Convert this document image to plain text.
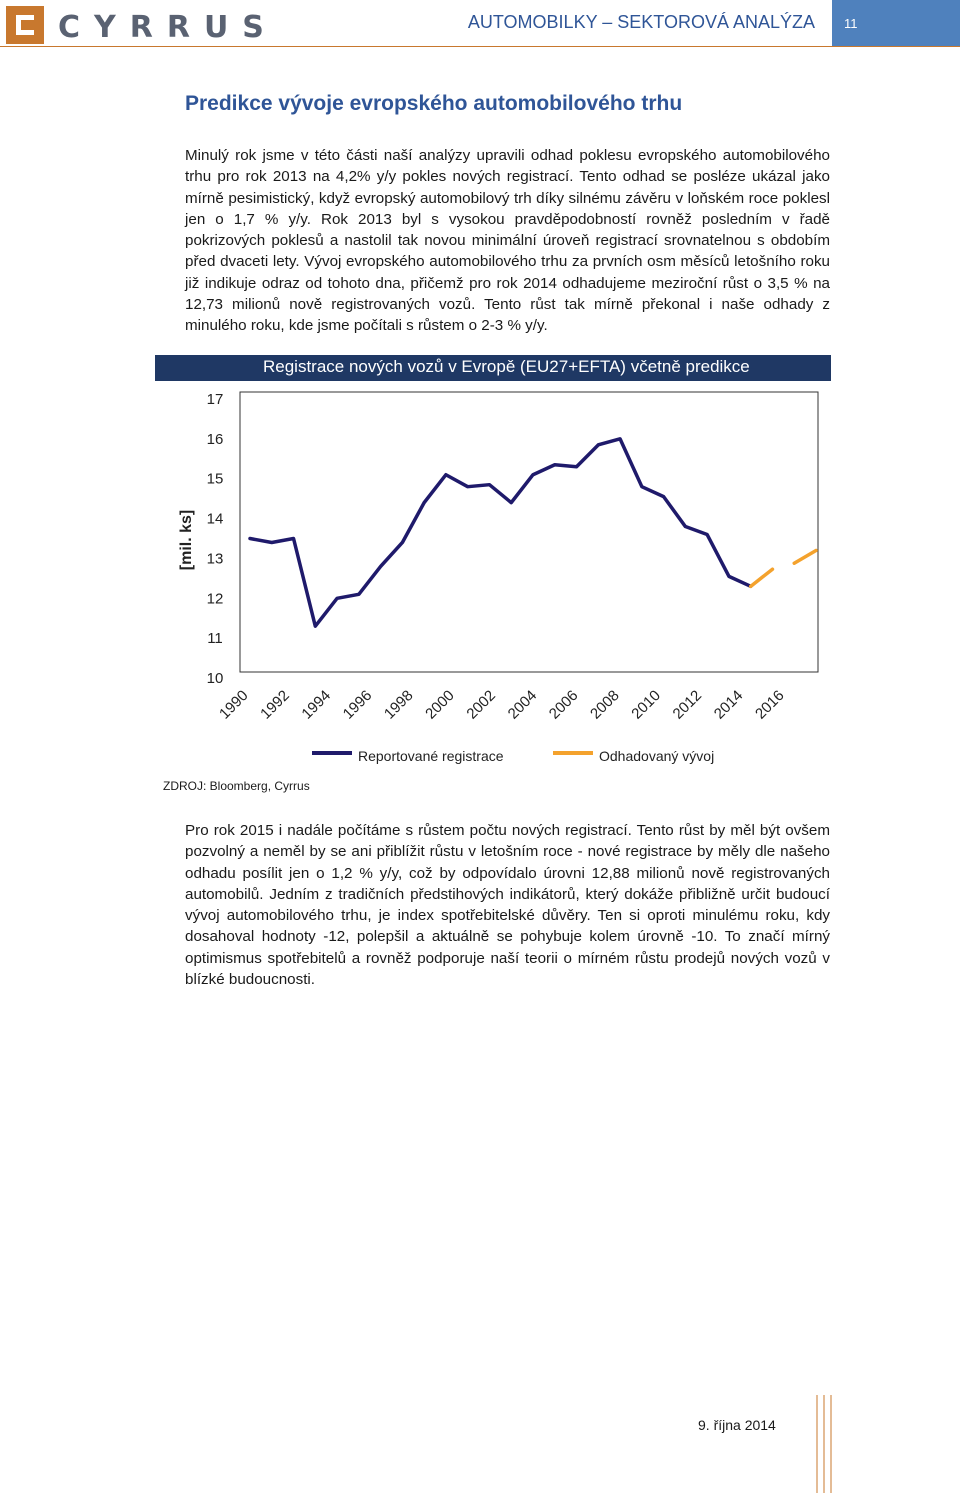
CYRRUS	AUTOMOBILKY – SEKTOROVÁ ANALÝZA 11
Predikce vývoje evropského automobilového trhu

Minulý rok jsme v této části naší analýzy upravili odhad poklesu evropského automobilového trhu pro rok 2013 na 4,2% y/y pokles nových registrací. Tento odhad se posléze ukázal jako mírně pesimistický, když evropský automobilový trh díky silnému závěru v loňském roce poklesl jen o 1,7 % y/y. Rok 2013 byl s vysokou pravděpodobností rovněž posledním v řadě pokrizových poklesů a nastolil tak novou minimální úroveň registrací srovnatelnou s obdobím před dvaceti lety. Vývoj evropského automobilového trhu za prvních osm měsíců letošního roku již indikuje odraz od tohoto dna, přičemž pro rok 2014 odhadujeme meziroční růst o 3,5 % na 12,73 milionů nově registrovaných vozů. Tento růst tak mírně překonal i naše odhady z minulého roku, kde jsme počítali s růstem o 2-3 % y/y.

10
11
12
13
14
15
16
17
[mil. ks]
1990 1992 1994 1996 1998 2000 2002 2004 2006 2008 2010 2012 2014 2016
Reportované registrace	Odhadovaný vývoj
Registrace nových vozů v Evropě (EU27+EFTA) včetně predikce
ZDROJ: Bloomberg, Cyrrus

Pro rok 2015 i nadále počítáme s růstem počtu nových registrací. Tento růst by měl být ovšem pozvolný a neměl by se ani přiblížit růstu v letošním roce - nové registrace by měly dle našeho odhadu posílit jen o 1,2 % y/y, což by odpovídalo úrovni 12,88 milionů nově registrovaných automobilů. Jedním z tradičních předstihových indikátorů, který dokáže přibližně určit budoucí vývoj automobilového trhu, je index spotřebitelské důvěry. Ten si oproti minulému roku, kdy dosahoval hodnoty -12, polepšil a aktuálně se pohybuje kolem úrovně -10. To značí mírný optimismus spotřebitelů a rovněž podporuje naší teorii o mírném růstu prodejů nových vozů v blízké budoucnosti.

9. října 2014
